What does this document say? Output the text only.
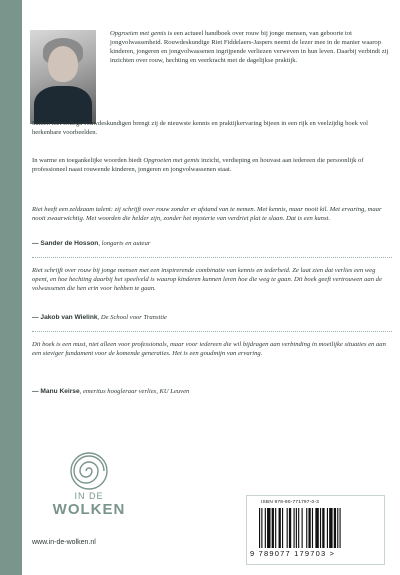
Opgroeien met gemis is een actueel handboek over rouw bij jonge mensen, van geboorte tot jongvolwassenheid. Rouwdeskundige Riet Fiddelaers-Jaspers neemt de lezer mee in de manier waarop kinderen, jongeren en jongvolwassenen ingrijpende verliezen verweven in hun leven. Daarbij verbindt zij inzichten over rouw, hechting en veerkracht met de dagelijkse praktijk.

Samen met collega-rouwdeskundigen brengt zij de nieuwste kennis en praktijkervaring bijeen in een rijk en veelzijdig boek vol herkenbare voorbeelden.

In warme en toegankelijke woorden biedt Opgroeien met gemis inzicht, verdieping en houvast aan iedereen die persoonlijk of professioneel naast rouwende kinderen, jongeren en jongvolwassenen staat.

Riet heeft een zeldzaam talent: zij schrijft over rouw zonder er afstand van te nemen. Met kennis, maar nooit kil. Met ervaring, maar nooit zwaarwichtig. Met woorden die helder zijn, zonder het mysterie van verdriet plat te slaan. Dat is een kunst.

— Sander de Hosson, longarts en auteur

Riet schrijft over rouw bij jonge mensen met een inspirerende combinatie van kennis en tederheid. Ze laat zien dat verlies een weg opent, en hoe hechting daarbij het speelveld is waarop kinderen kunnen leren hoe die weg te gaan. Dit boek geeft vertrouwen aan de volwassenen die hen erin voor hebben te gaan.

— Jakob van Wielink, De School voor Transitie

Dit boek is een must, niet alleen voor professionals, maar voor iedereen die wil bijdragen aan verbinding in moeilijke situaties en aan een steviger fundament voor de komende generaties. Het is een goudmijn van ervaring.

— Manu Keirse, emeritus hoogleraar verlies, KU Leuven
IN DE
WOLKEN
www.in-de-wolken.nl
ISBN 978-90-771797-0-3
9 789077 179703 >
